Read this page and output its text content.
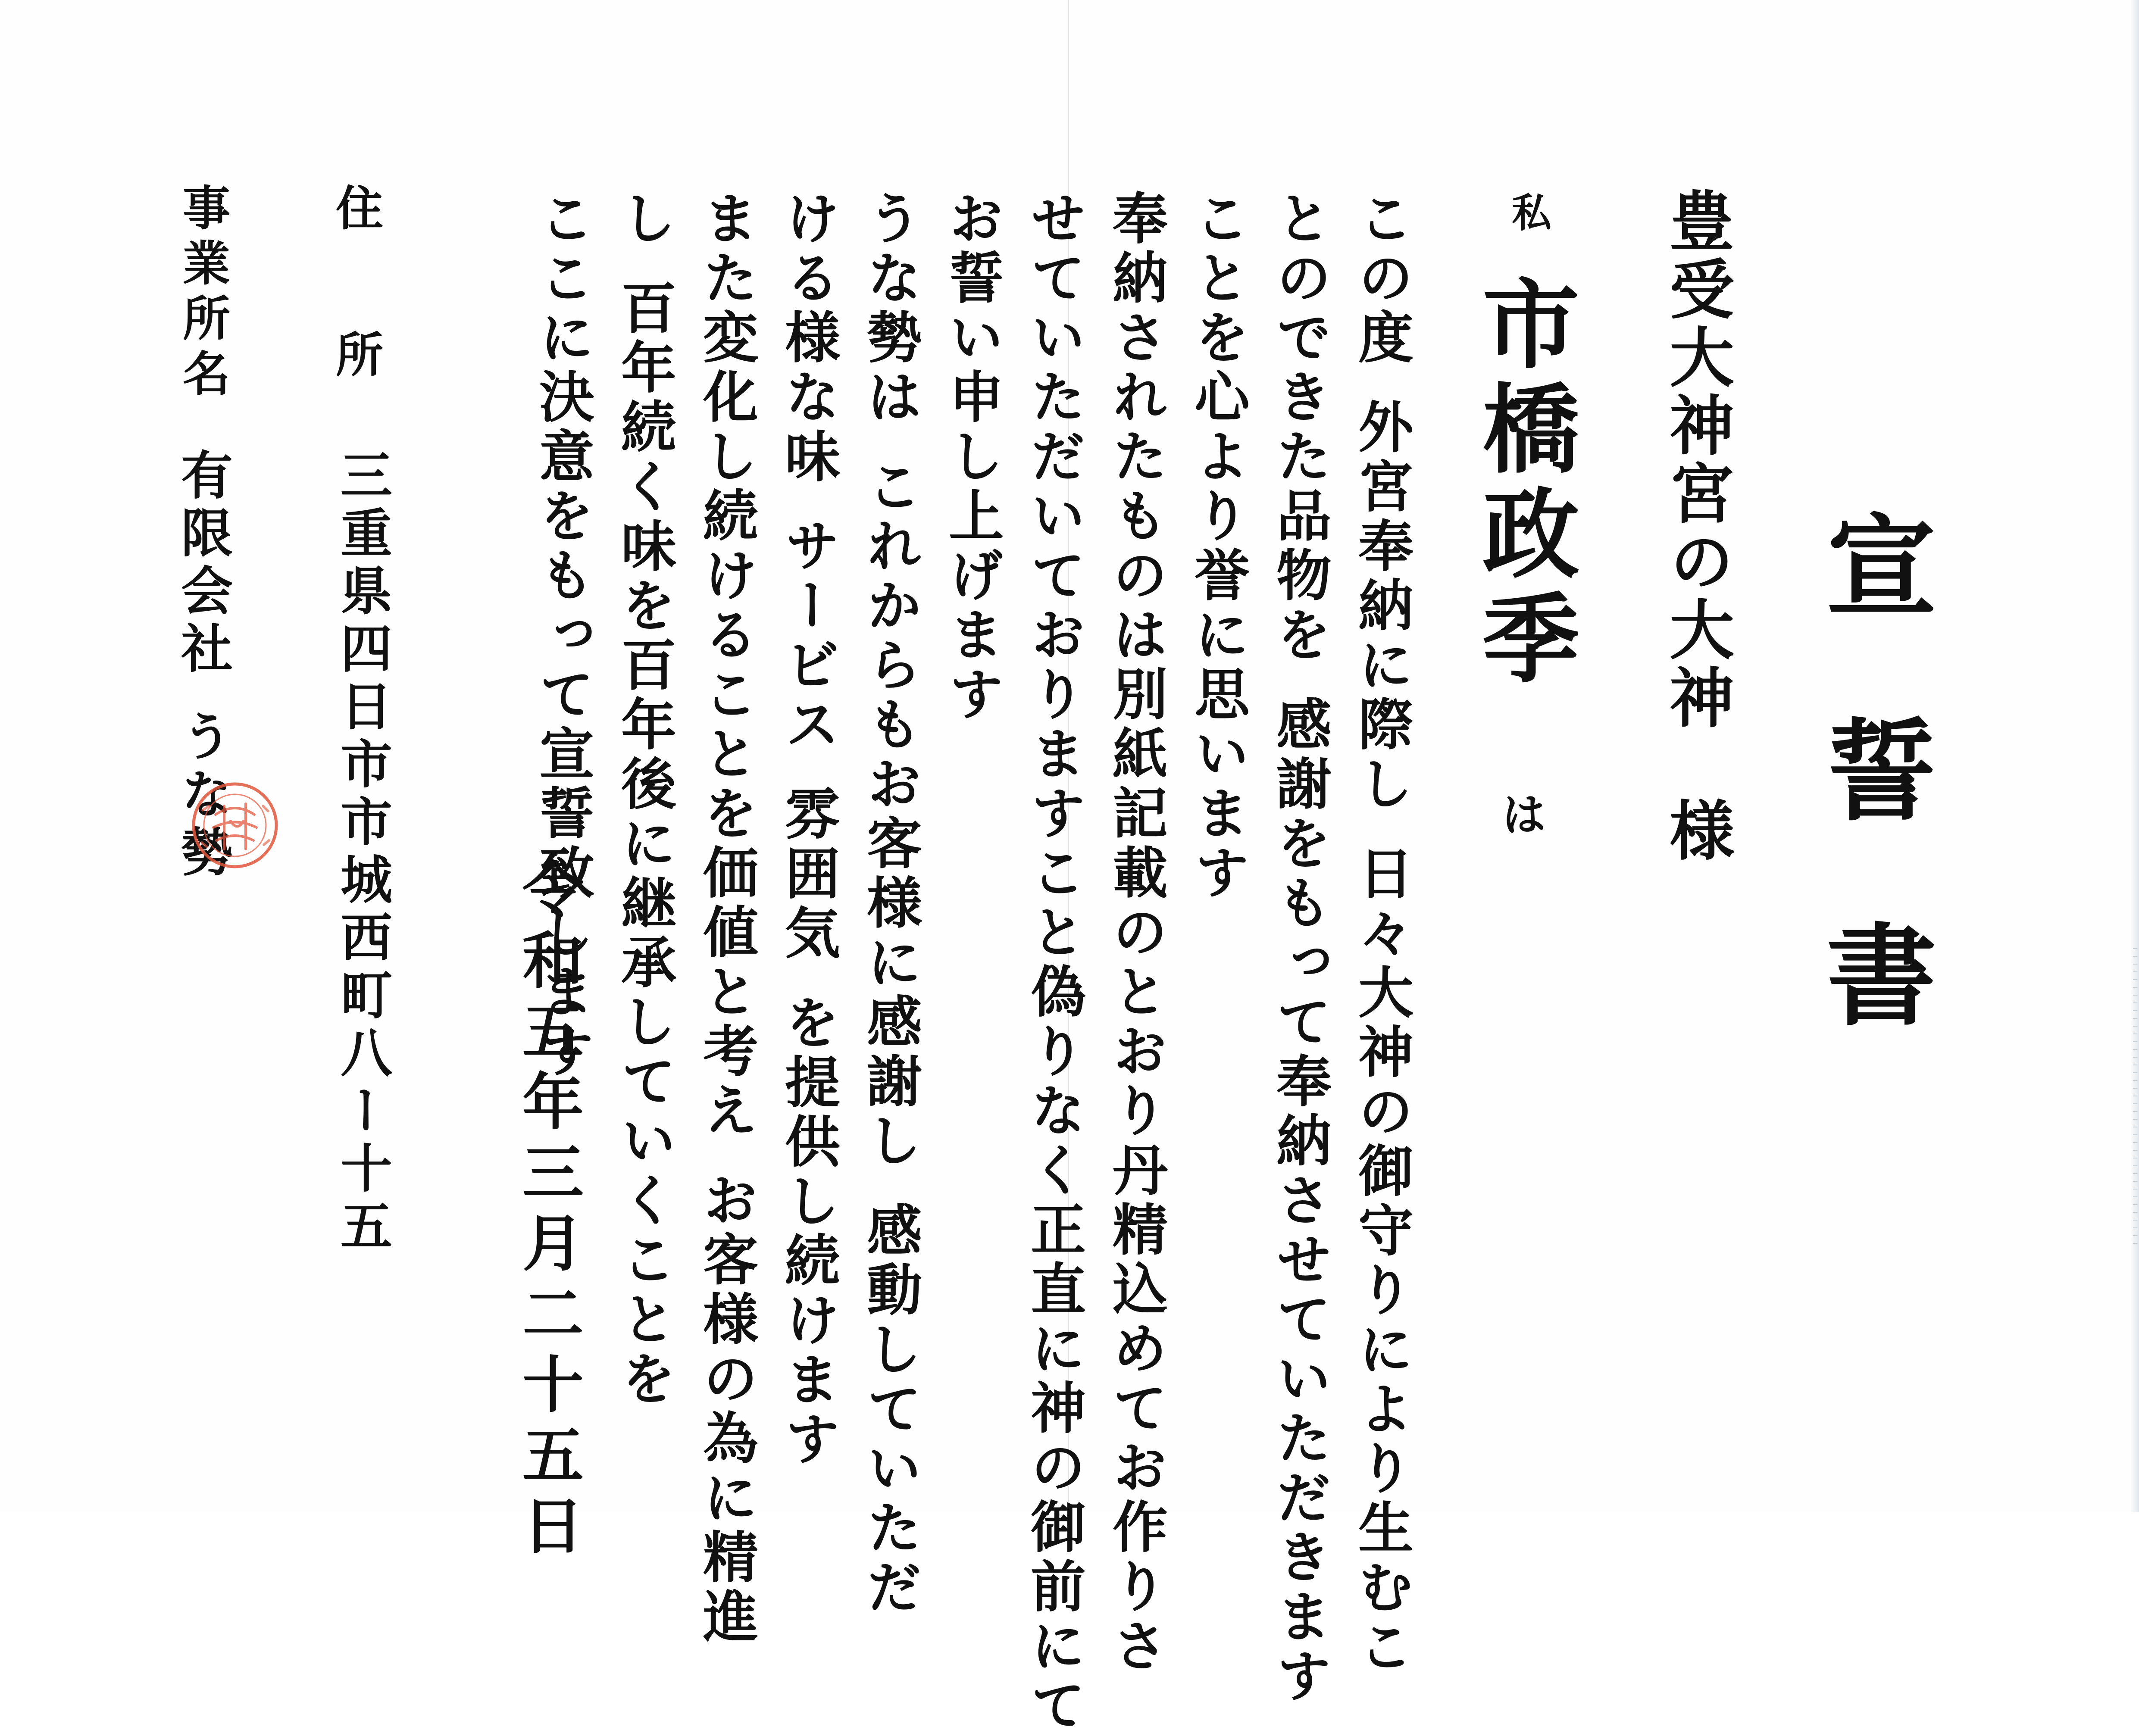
宣誓書
豊受大神宮の大神様
私
市橋政季
は
この度外宮奉納に際し日々大神の御守りにより生むこ
とのできた品物を感謝をもって奉納させていただきます
ことを心より誉に思います
奉納されたものは別紙記載のとおり丹精込めてお作りさ
せていただいておりますこと偽りなく正直に神の御前にて
お誓い申し上げます
うな勢はこれからもお客様に感謝し感動していただ
ける様な味サービス雰囲気を提供し続けます
また変化し続けることを価値と考えお客様の為に精進
し百年続く味を百年後に継承していくことを
ここに決意をもって宣誓致します
令和五年三月二十五日
住所
三重県四日市市城西町八ー十五
事業所名
有限会社うな勢
